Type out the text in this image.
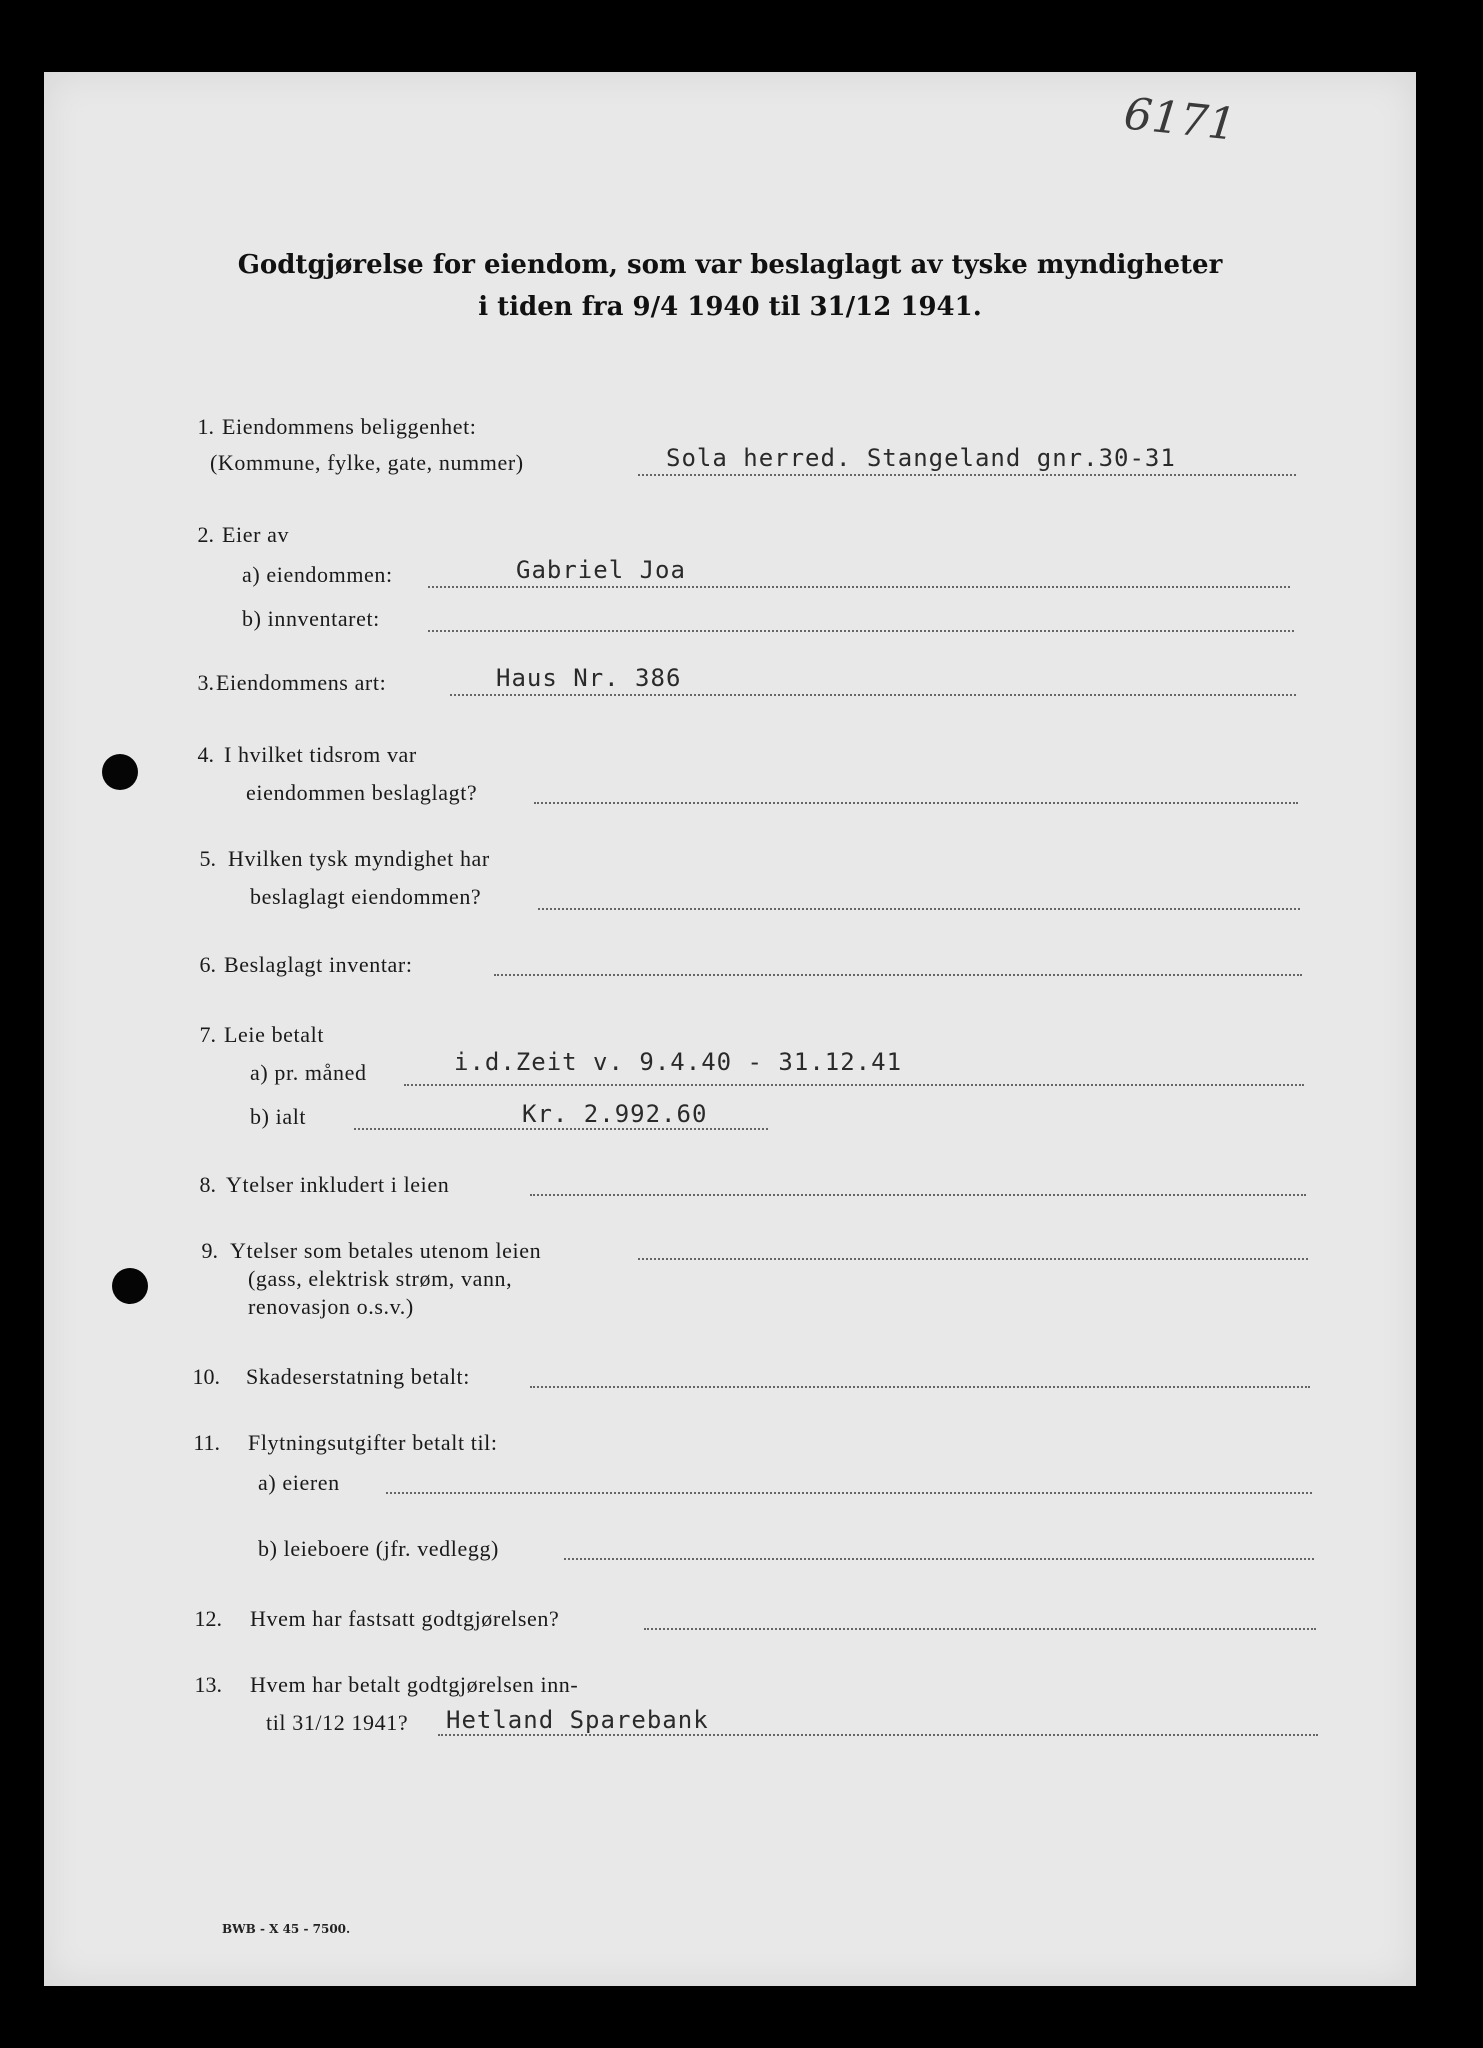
6171
Godtgjørelse for eiendom, som var beslaglagt av tyske myndigheter
i tiden fra 9/4 1940 til 31/12 1941.
1. Eiendommens beliggenhet:
(Kommune, fylke, gate, nummer)	Sola herred. Stangeland gnr.30-31
2. Eier av
a) eiendommen:	Gabriel Joa
b) innventaret:
3. Eiendommens art:	Haus Nr. 386
4. I hvilket tidsrom var
eiendommen beslaglagt?
5. Hvilken tysk myndighet har
beslaglagt eiendommen?
6. Beslaglagt inventar:
7. Leie betalt
a) pr. måned	i.d.Zeit v. 9.4.40 - 31.12.41
b) ialt	Kr. 2.992.60
8. Ytelser inkludert i leien
9. Ytelser som betales utenom leien
(gass, elektrisk strøm, vann,
renovasjon o.s.v.)
10. Skadeserstatning betalt:
11. Flytningsutgifter betalt til:
a) eieren
b) leieboere (jfr. vedlegg)
12. Hvem har fastsatt godtgjørelsen?
13. Hvem har betalt godtgjørelsen inn-
til 31/12 1941? Hetland Sparebank
BWB - X 45 - 7500.
